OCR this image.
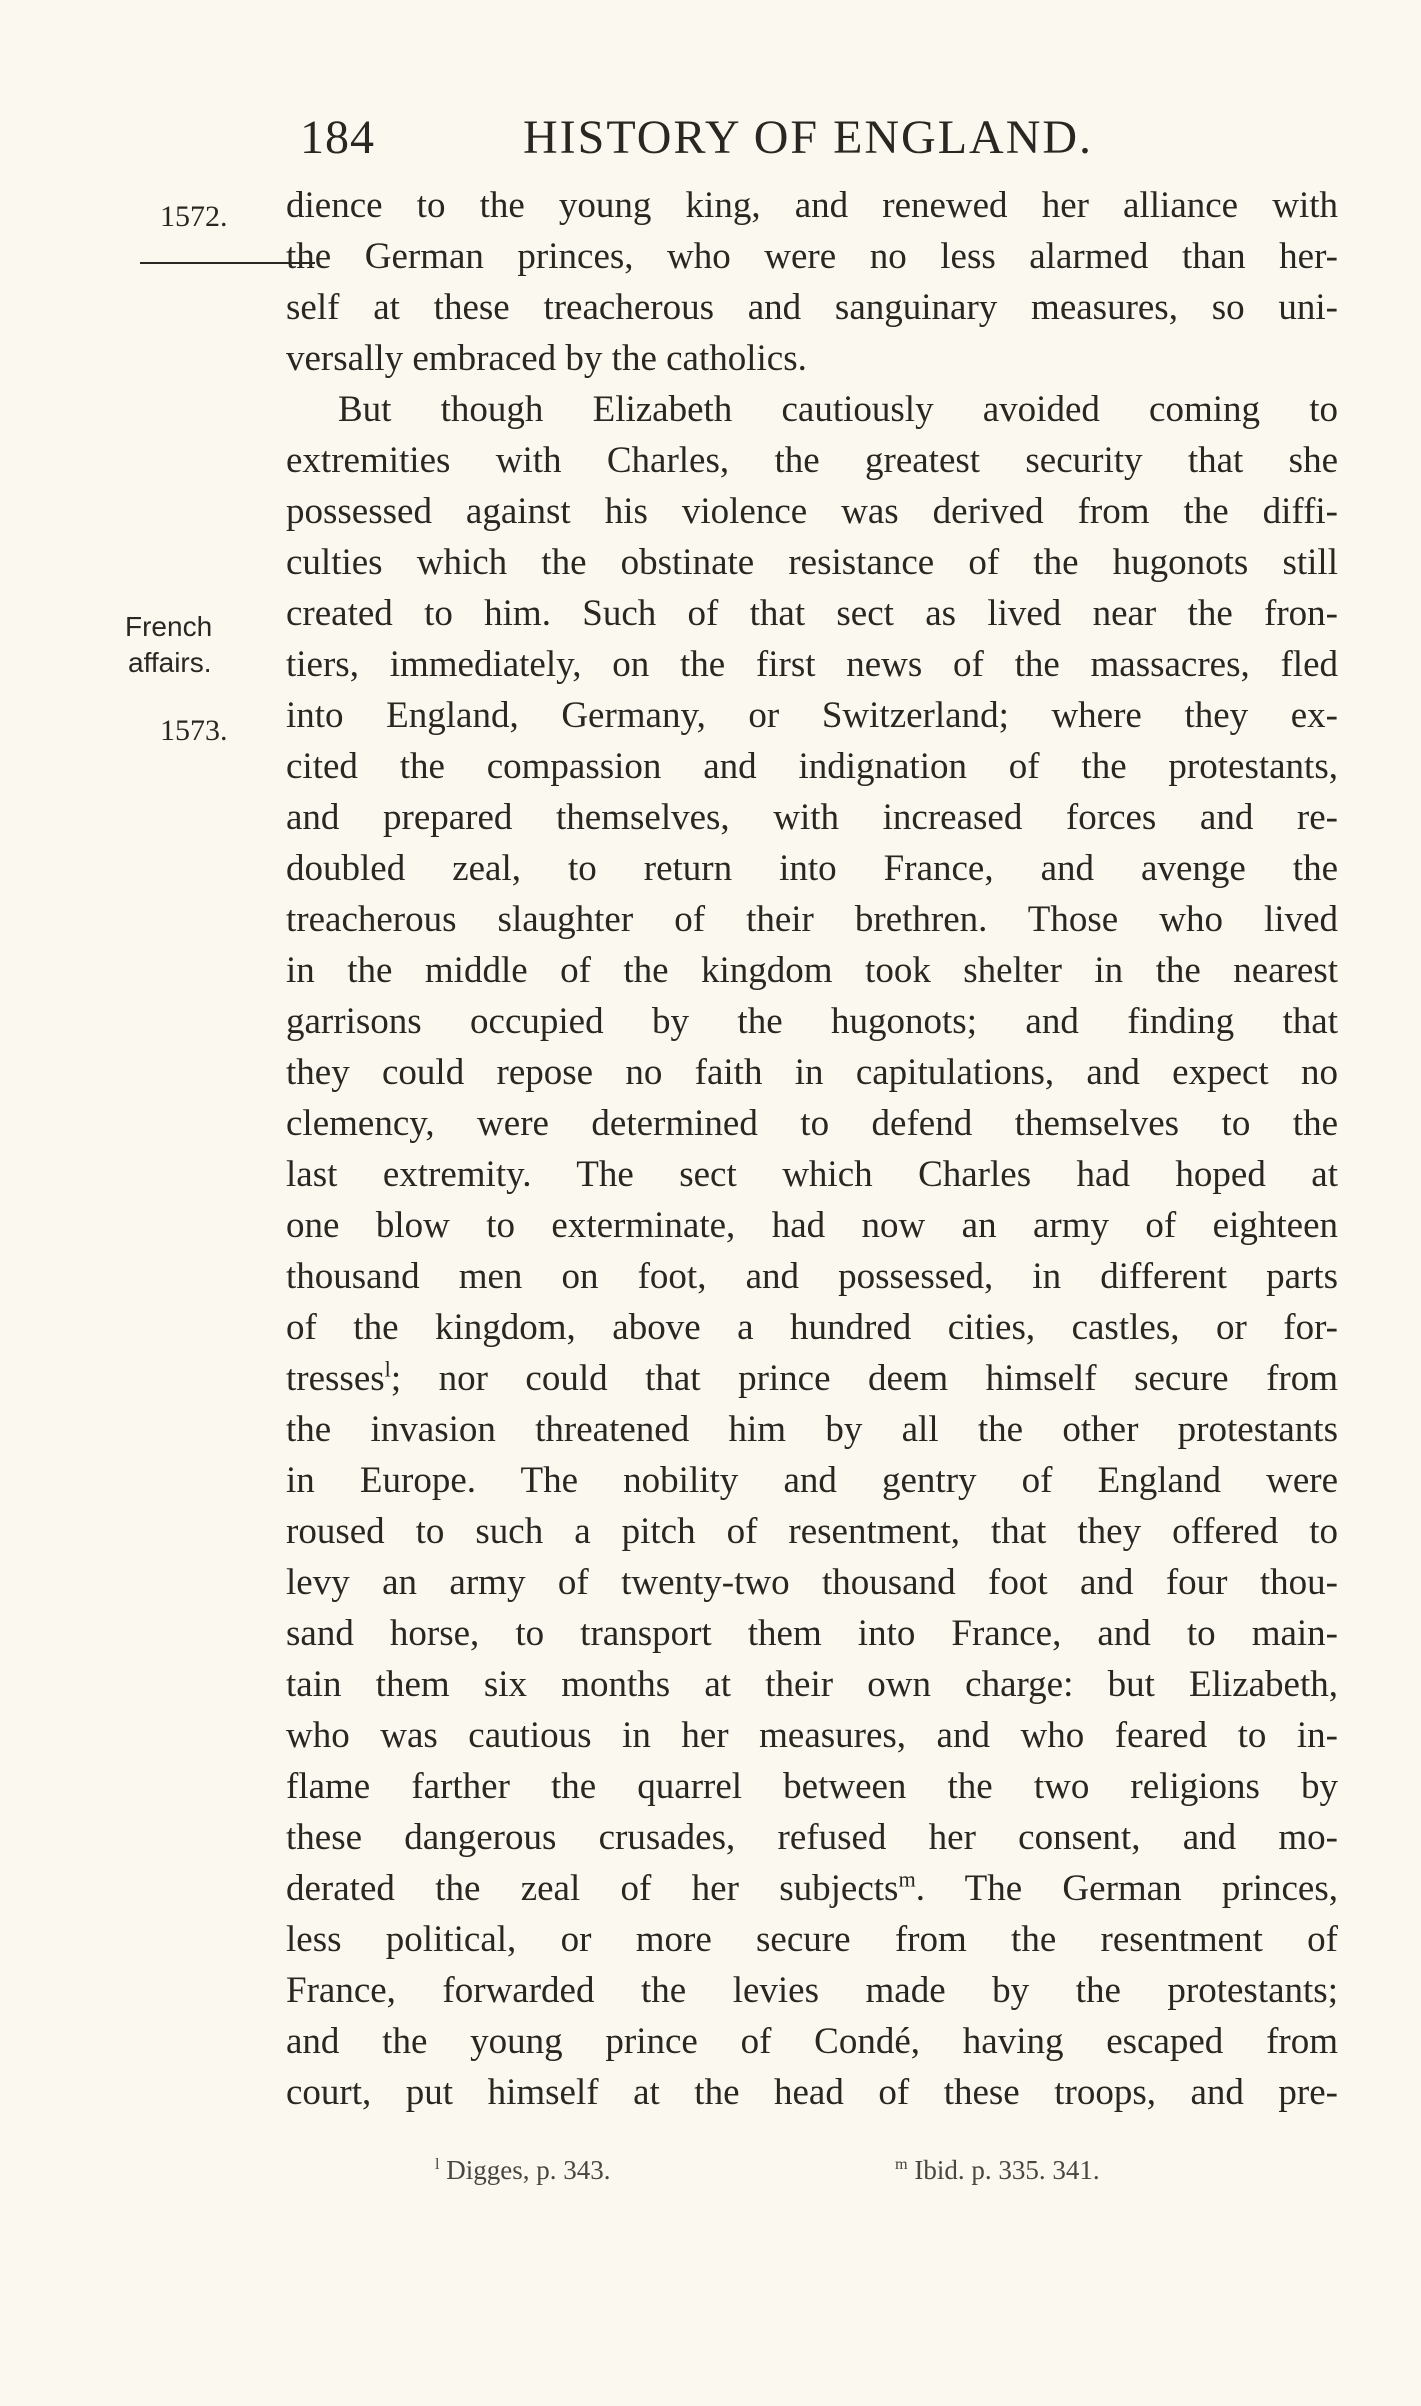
184	HISTORY OF ENGLAND.
1572.
French
affairs.
1573.
dience to the young king, and renewed her alliance with
the German princes, who were no less alarmed than her-
self at these treacherous and sanguinary measures, so uni-
versally embraced by the catholics.
But though Elizabeth cautiously avoided coming to
extremities with Charles, the greatest security that she
possessed against his violence was derived from the diffi-
culties which the obstinate resistance of the hugonots still
created to him. Such of that sect as lived near the fron-
tiers, immediately, on the first news of the massacres, fled
into England, Germany, or Switzerland; where they ex-
cited the compassion and indignation of the protestants,
and prepared themselves, with increased forces and re-
doubled zeal, to return into France, and avenge the
treacherous slaughter of their brethren. Those who lived
in the middle of the kingdom took shelter in the nearest
garrisons occupied by the hugonots; and finding that
they could repose no faith in capitulations, and expect no
clemency, were determined to defend themselves to the
last extremity. The sect which Charles had hoped at
one blow to exterminate, had now an army of eighteen
thousand men on foot, and possessed, in different parts
of the kingdom, above a hundred cities, castles, or for-
tresses$^l$; nor could that prince deem himself secure from
the invasion threatened him by all the other protestants
in Europe. The nobility and gentry of England were
roused to such a pitch of resentment, that they offered to
levy an army of twenty-two thousand foot and four thou-
sand horse, to transport them into France, and to main-
tain them six months at their own charge: but Elizabeth,
who was cautious in her measures, and who feared to in-
flame farther the quarrel between the two religions by
these dangerous crusades, refused her consent, and mo-
derated the zeal of her subjects$^m$. The German princes,
less political, or more secure from the resentment of
France, forwarded the levies made by the protestants;
and the young prince of Condé, having escaped from
court, put himself at the head of these troops, and pre-
$^l$ Digges, p. 343.	$^m$ Ibid. p. 335. 341.
